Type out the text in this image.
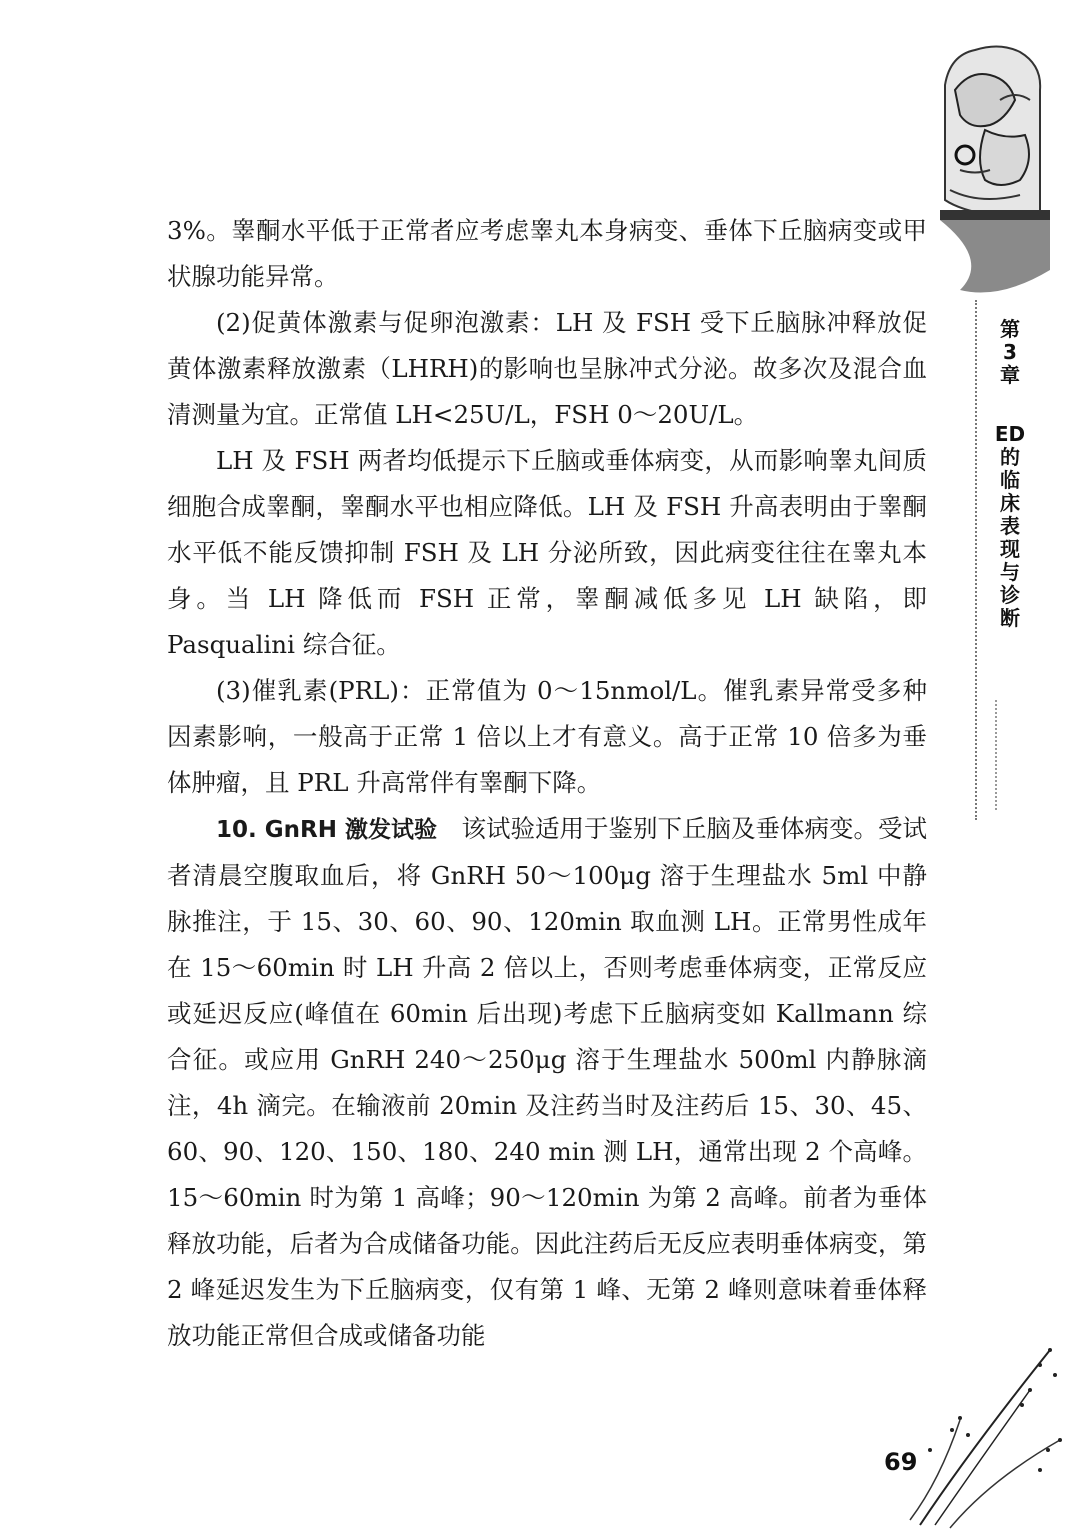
第
3
章
ED
的
临
床
表
现
与
诊
断

3%。睾酮水平低于正常者应考虑睾丸本身病变、垂体下丘脑病变或甲状腺功能异常。

(2)促黄体激素与促卵泡激素：LH 及 FSH 受下丘脑脉冲释放促黄体激素释放激素（LHRH)的影响也呈脉冲式分泌。故多次及混合血清测量为宜。正常值 LH<25U/L，FSH 0～20U/L。

LH 及 FSH 两者均低提示下丘脑或垂体病变，从而影响睾丸间质细胞合成睾酮，睾酮水平也相应降低。LH 及 FSH 升高表明由于睾酮水平低不能反馈抑制 FSH 及 LH 分泌所致，因此病变往往在睾丸本身。当 LH 降低而 FSH 正常，睾酮减低多见 LH 缺陷，即 Pasqualini 综合征。

(3)催乳素(PRL)：正常值为 0～15nmol/L。催乳素异常受多种因素影响，一般高于正常 1 倍以上才有意义。高于正常 10 倍多为垂体肿瘤，且 PRL 升高常伴有睾酮下降。

10. GnRH 激发试验　 该试验适用于鉴别下丘脑及垂体病变。受试者清晨空腹取血后，将 GnRH 50～100μg 溶于生理盐水 5ml 中静脉推注，于 15、30、60、90、120min 取血测 LH。正常男性成年在 15～60min 时 LH 升高 2 倍以上，否则考虑垂体病变，正常反应或延迟反应(峰值在 60min 后出现)考虑下丘脑病变如 Kallmann 综合征。或应用 GnRH 240～250μg 溶于生理盐水 500ml 内静脉滴注，4h 滴完。在输液前 20min 及注药当时及注药后 15、30、45、60、90、120、150、180、240 min 测 LH，通常出现 2 个高峰。15～60min 时为第 1 高峰；90～120min 为第 2 高峰。前者为垂体释放功能，后者为合成储备功能。因此注药后无反应表明垂体病变，第 2 峰延迟发生为下丘脑病变，仅有第 1 峰、无第 2 峰则意味着垂体释放功能正常但合成或储备功能

69
